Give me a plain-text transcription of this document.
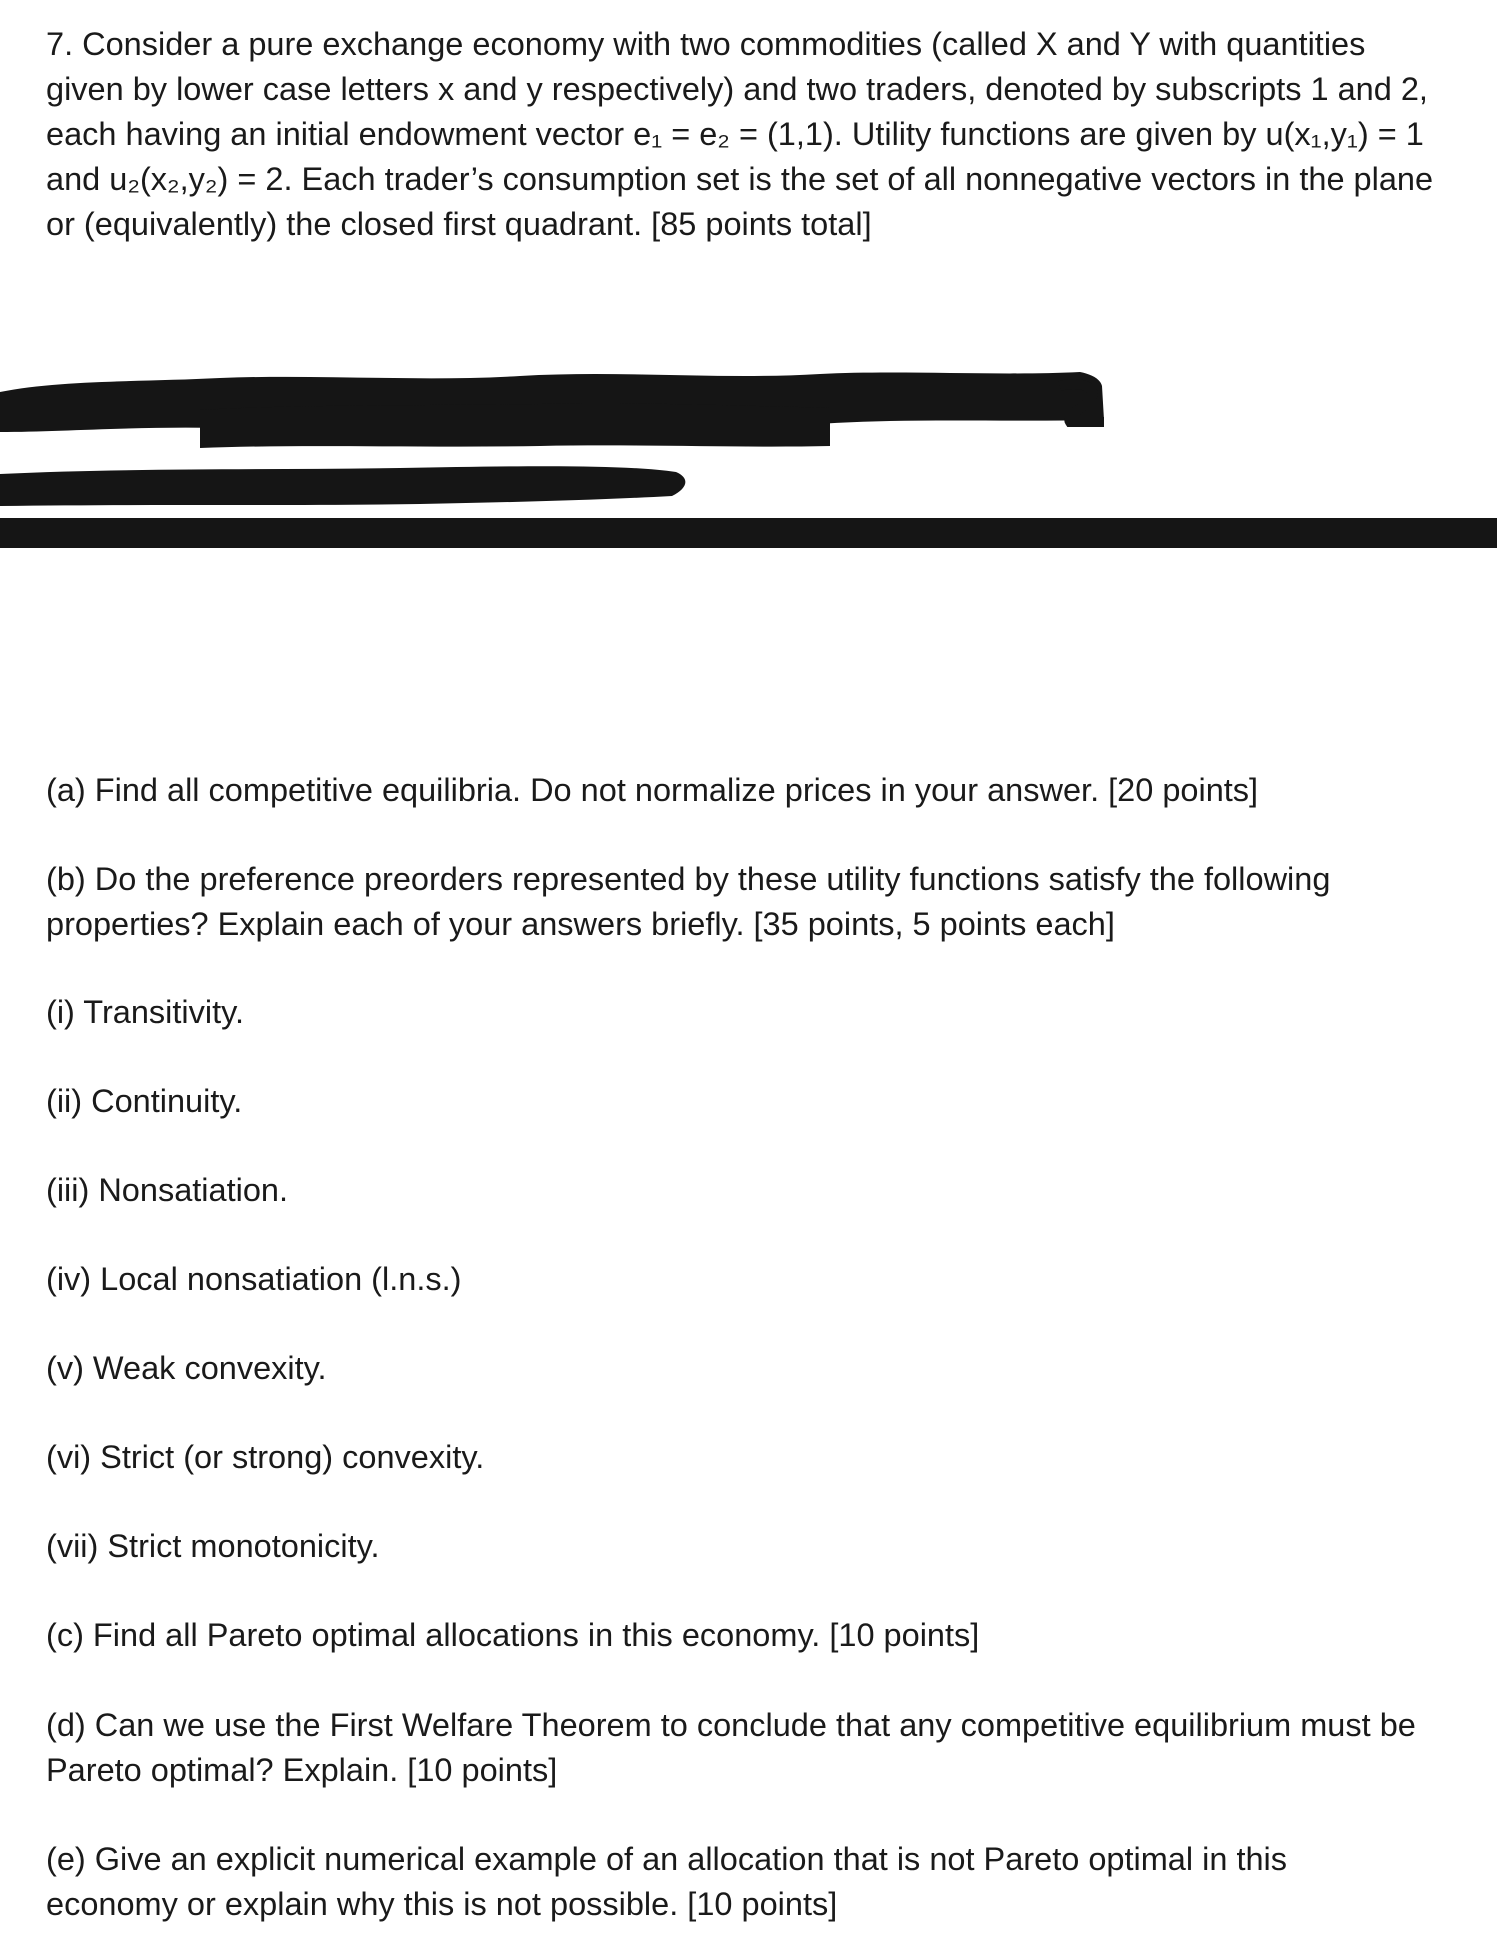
7. Consider a pure exchange economy with two commodities (called X and Y with quantities
given by lower case letters x and y respectively) and two traders, denoted by subscripts 1 and 2,
each having an initial endowment vector e₁ = e₂ = (1,1). Utility functions are given by u(x₁,y₁) = 1
and u₂(x₂,y₂) = 2. Each trader’s consumption set is the set of all nonnegative vectors in the plane
or (equivalently) the closed first quadrant. [85 points total]

(a) Find all competitive equilibria. Do not normalize prices in your answer. [20 points]

(b) Do the preference preorders represented by these utility functions satisfy the following

properties? Explain each of your answers briefly. [35 points, 5 points each]

(i) Transitivity.

(ii) Continuity.

(iii) Nonsatiation.

(iv) Local nonsatiation (l.n.s.)

(v) Weak convexity.

(vi) Strict (or strong) convexity.

(vii) Strict monotonicity.

(c) Find all Pareto optimal allocations in this economy. [10 points]

(d) Can we use the First Welfare Theorem to conclude that any competitive equilibrium must be

Pareto optimal? Explain. [10 points]

(e) Give an explicit numerical example of an allocation that is not Pareto optimal in this

economy or explain why this is not possible. [10 points]
